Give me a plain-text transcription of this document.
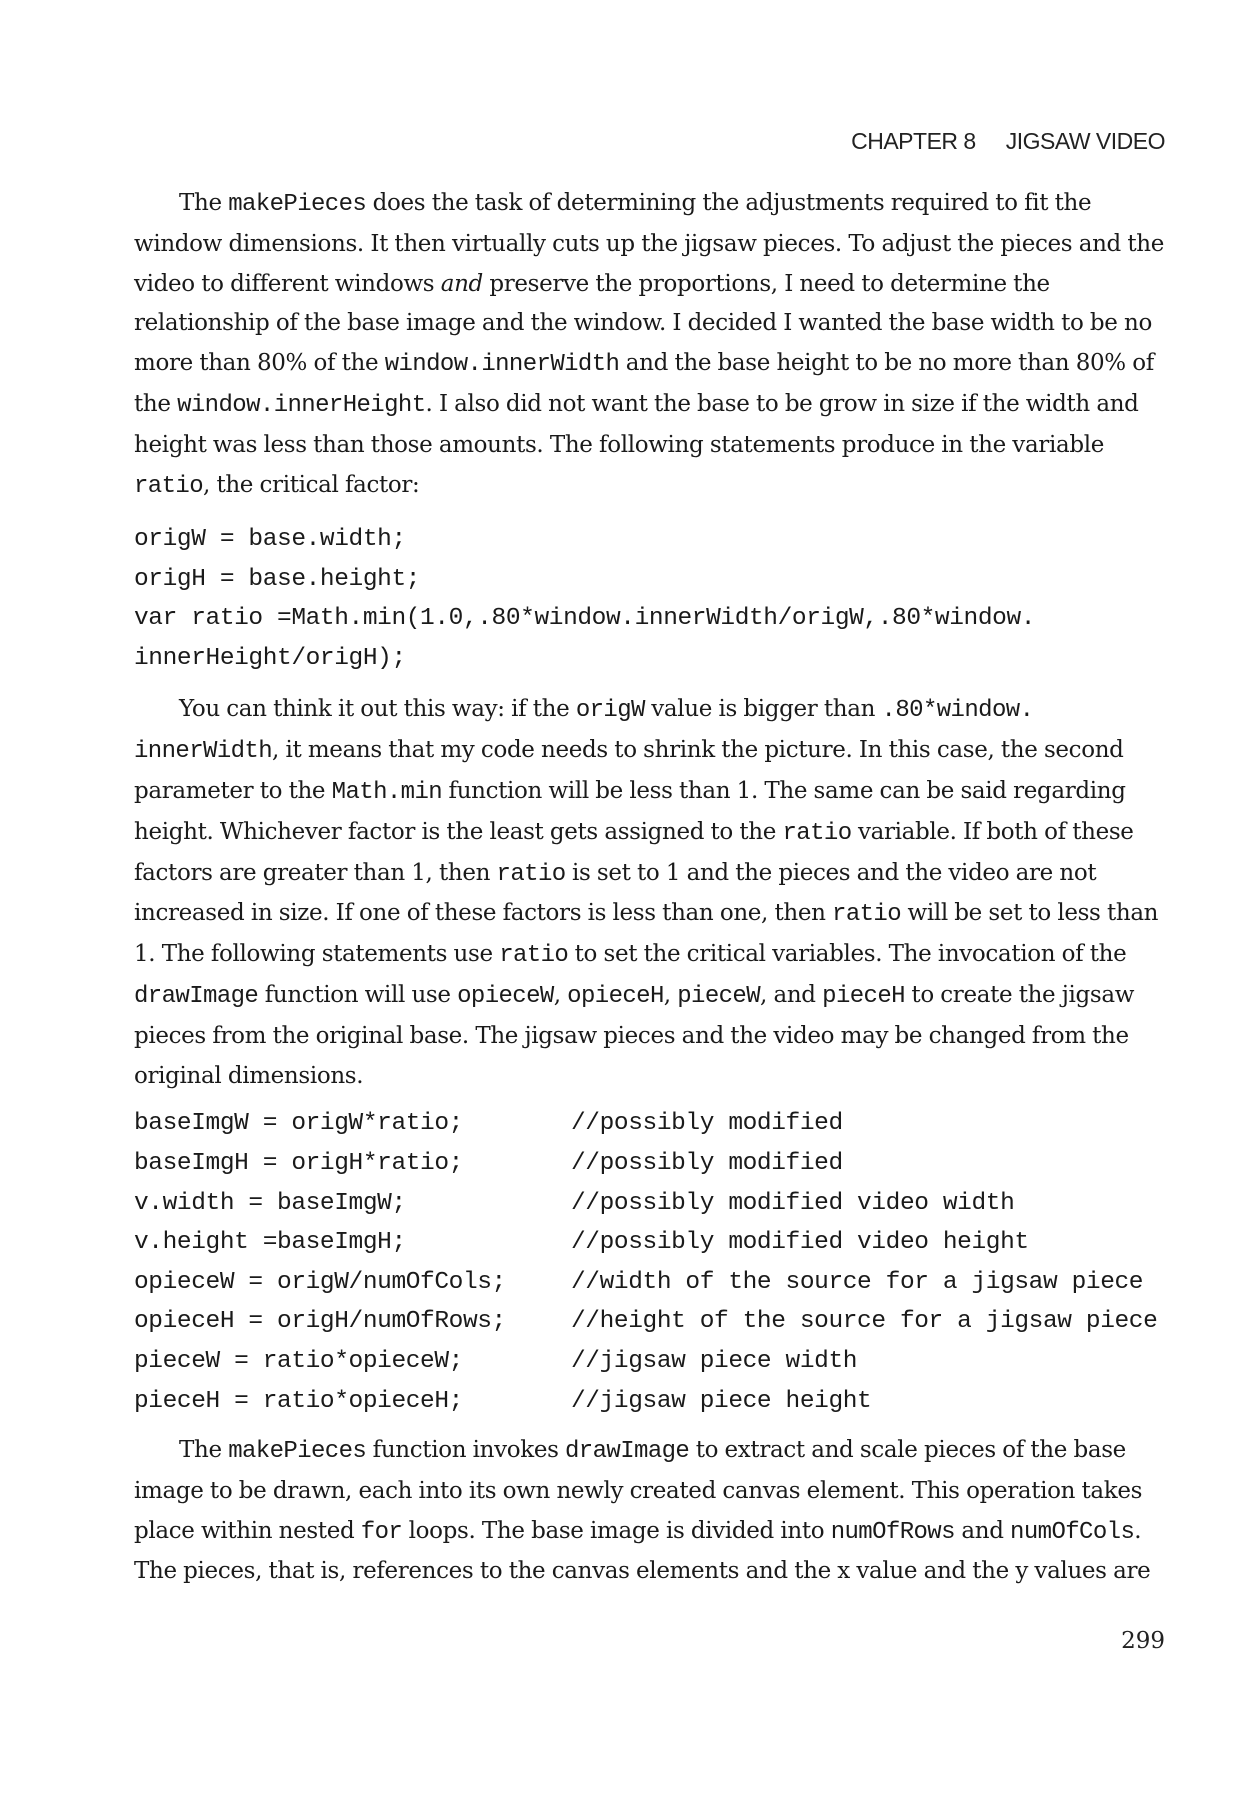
CHAPTER 8 JIGSAW VIDEO

The makePieces does the task of determining the adjustments required to fit the window dimensions. It then virtually cuts up the jigsaw pieces. To adjust the pieces and the video to different windows and preserve the proportions, I need to determine the relationship of the base image and the window. I decided I wanted the base width to be no more than 80% of the window.innerWidth and the base height to be no more than 80% of the window.innerHeight. I also did not want the base to be grow in size if the width and height was less than those amounts. The following statements produce in the variable ratio, the critical factor:

origW = base.width;
origH = base.height;
var ratio =Math.min(1.0,.80*window.innerWidth/origW,.80*window.
innerHeight/origH);

You can think it out this way: if the origW value is bigger than .80*window. innerWidth, it means that my code needs to shrink the picture. In this case, the second parameter to the Math.min function will be less than 1. The same can be said regarding height. Whichever factor is the least gets assigned to the ratio variable. If both of these factors are greater than 1, then ratio is set to 1 and the pieces and the video are not increased in size. If one of these factors is less than one, then ratio will be set to less than 1. The following statements use ratio to set the critical variables. The invocation of the drawImage function will use opieceW, opieceH, pieceW, and pieceH to create the jigsaw pieces from the original base. The jigsaw pieces and the video may be changed from the original dimensions.

baseImgW = origW*ratio;	//possibly modified
baseImgH = origH*ratio;	//possibly modified
v.width = baseImgW;	//possibly modified video width
v.height =baseImgH;	//possibly modified video height
opieceW = origW/numOfCols;	//width of the source for a jigsaw piece
opieceH = origH/numOfRows;	//height of the source for a jigsaw piece
pieceW = ratio*opieceW;	//jigsaw piece width
pieceH = ratio*opieceH;	//jigsaw piece height

The makePieces function invokes drawImage to extract and scale pieces of the base image to be drawn, each into its own newly created canvas element. This operation takes place within nested for loops. The base image is divided into numOfRows and numOfCols. The pieces, that is, references to the canvas elements and the x value and the y values are

299
